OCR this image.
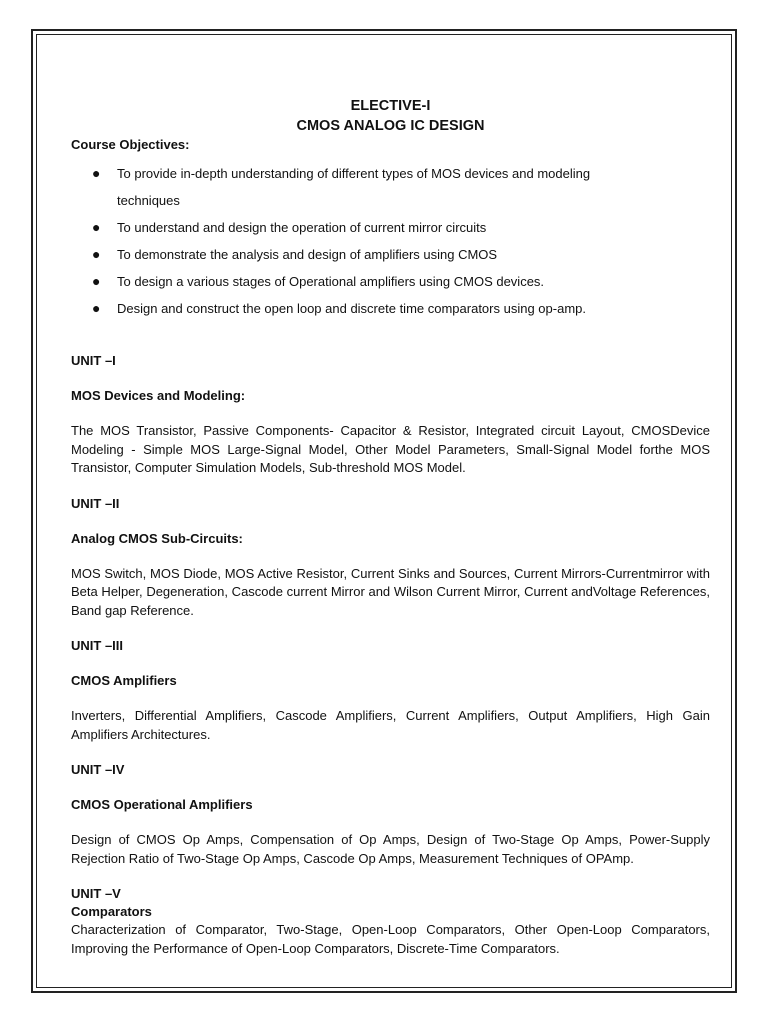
ELECTIVE-I

CMOS ANALOG IC DESIGN

Course Objectives:

● To provide in-depth understanding of different types of MOS devices and modeling
techniques
● To understand and design the operation of current mirror circuits
● To demonstrate the analysis and design of amplifiers using CMOS
● To design a various stages of Operational amplifiers using CMOS devices.
● Design and construct the open loop and discrete time comparators using op-amp.

UNIT –I

MOS Devices and Modeling:

The MOS Transistor, Passive Components- Capacitor & Resistor, Integrated circuit Layout, CMOSDevice Modeling - Simple MOS Large-Signal Model, Other Model Parameters, Small-Signal Model forthe MOS Transistor, Computer Simulation Models, Sub-threshold MOS Model.

UNIT –II

Analog CMOS Sub-Circuits:

MOS Switch, MOS Diode, MOS Active Resistor, Current Sinks and Sources, Current Mirrors-Currentmirror with Beta Helper, Degeneration, Cascode current Mirror and Wilson Current Mirror, Current andVoltage References, Band gap Reference.

UNIT –III

CMOS Amplifiers

Inverters, Differential Amplifiers, Cascode Amplifiers, Current Amplifiers, Output Amplifiers, High Gain Amplifiers Architectures.

UNIT –IV

CMOS Operational Amplifiers

Design of CMOS Op Amps, Compensation of Op Amps, Design of Two-Stage Op Amps, Power-Supply Rejection Ratio of Two-Stage Op Amps, Cascode Op Amps, Measurement Techniques of OPAmp.

UNIT –V

Comparators

Characterization of Comparator, Two-Stage, Open-Loop Comparators, Other Open-Loop Comparators, Improving the Performance of Open-Loop Comparators, Discrete-Time Comparators.
